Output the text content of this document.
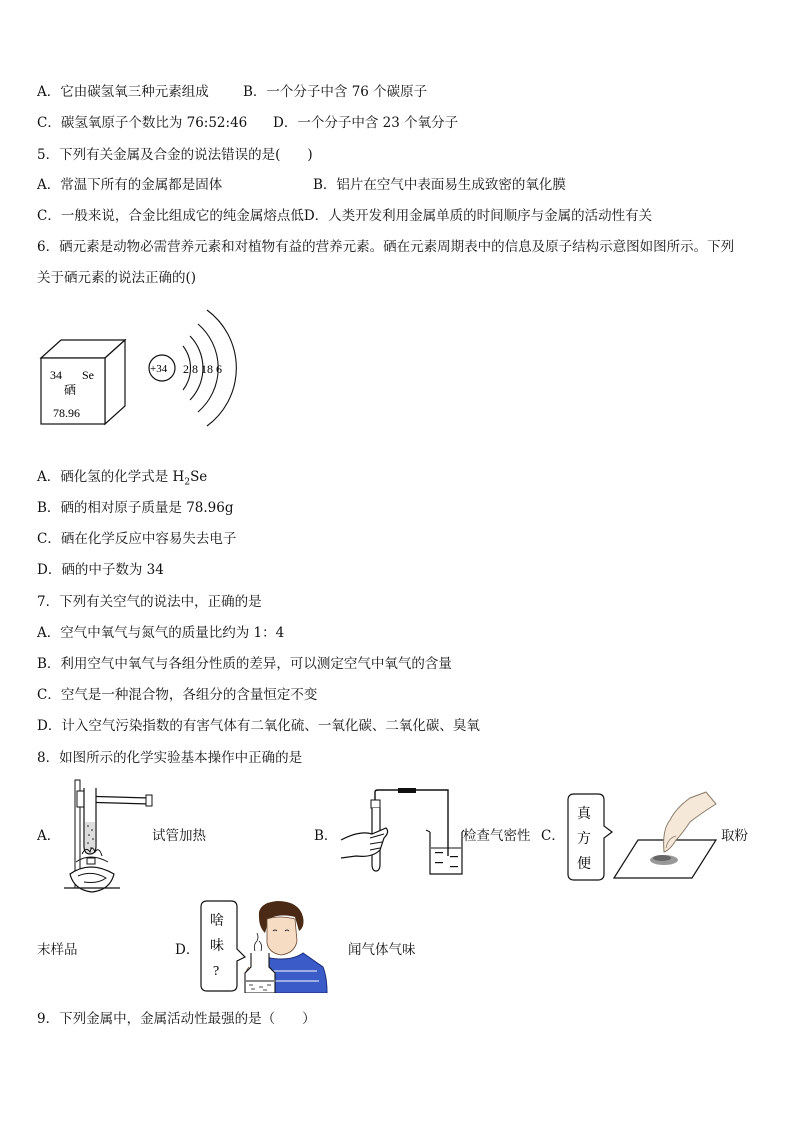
A．它由碳氢氧三种元素组成	B．一个分子中含 76 个碳原子
C．碳氢氧原子个数比为 76:52:46 D．一个分子中含 23 个氧分子
5．下列有关金属及合金的说法错误的是(　　)
A．常温下所有的金属都是固体	B．铝片在空气中表面易生成致密的氧化膜
C．一般来说，合金比组成它的纯金属熔点低D．人类开发利用金属单质的时间顺序与金属的活动性有关
6．硒元素是动物必需营养元素和对植物有益的营养元素。硒在元素周期表中的信息及原子结构示意图如图所示。下列
关于硒元素的说法正确的()
34 Se
硒
78.96
+34 2 8 18 6
A．硒化氢的化学式是 $H_2Se$
B．硒的相对原子质量是 78.96g
C．硒在化学反应中容易失去电子
D．硒的中子数为 34
7．下列有关空气的说法中，正确的是
A．空气中氧气与氮气的质量比约为 1：4
B．利用空气中氧气与各组分性质的差异，可以测定空气中氧气的含量
C．空气是一种混合物，各组分的含量恒定不变
D．计入空气污染指数的有害气体有二氧化硫、一氧化碳、二氧化碳、臭氧
8．如图所示的化学实验基本操作中正确的是
A．	试管加热	B．	检查气密性 C．
真
方
便
取粉
末样品	D．
啥
味
?
闻气体气味
9．下列金属中，金属活动性最强的是（　　）
